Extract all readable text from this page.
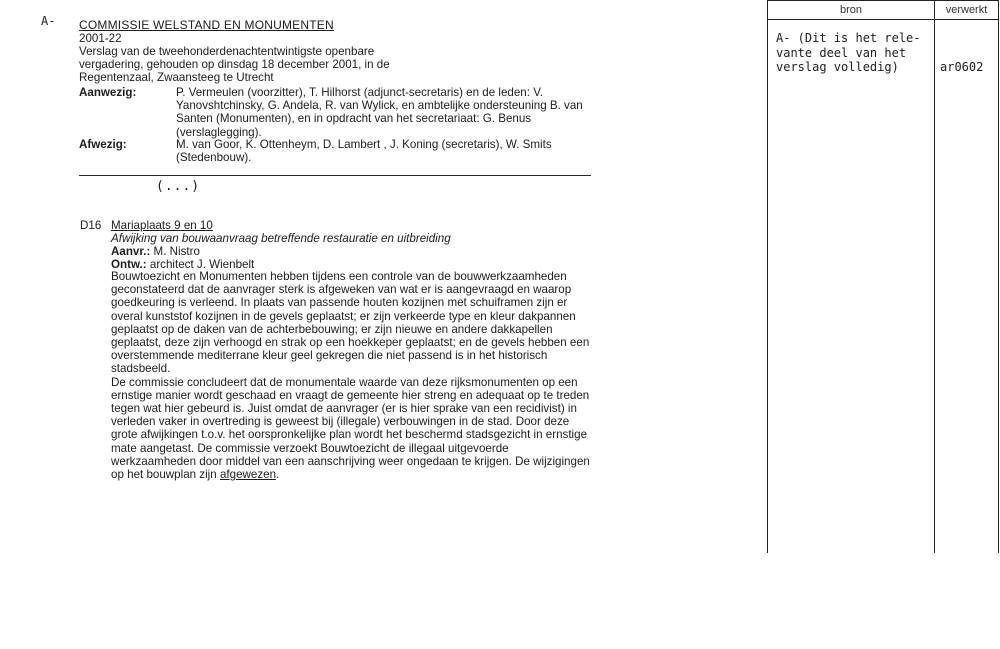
A- COMMISSIE WELSTAND EN MONUMENTEN
2001-22
Verslag van de tweehonderdenachtentwintigste openbare vergadering, gehouden op dinsdag 18 december 2001, in de Regentenzaal, Zwaansteeg te Utrecht
Aanwezig:	P. Vermeulen (voorzitter), T. Hilhorst (adjunct-secretaris) en de leden: V. Yanovshtchinsky, G. Andela, R. van Wylick, en ambtelijke ondersteuning B. van Santen (Monumenten), en in opdracht van het secretariaat: G. Benus (verslaglegging).
Afwezig:	M. van Goor, K. Ottenheym, D. Lambert , J. Koning (secretaris), W. Smits (Stedenbouw).
(...)
D16 Mariaplaats 9 en 10
Afwijking van bouwaanvraag betreffende restauratie en uitbreiding
Aanvr.: M. Nistro
Ontw.: architect J. Wienbelt

Bouwtoezicht en Monumenten hebben tijdens een controle van de bouwwerkzaamheden geconstateerd dat de aanvrager sterk is afgeweken van wat er is aangevraagd en waarop goedkeuring is verleend. In plaats van passende houten kozijnen met schuiframen zijn er overal kunststof kozijnen in de gevels geplaatst; er zijn verkeerde type en kleur dakpannen geplaatst op de daken van de achterbebouwing; er zijn nieuwe en andere dakkapellen geplaatst, deze zijn verhoogd en strak op een hoekkeper geplaatst; en de gevels hebben een overstemmende mediterrane kleur geel gekregen die niet passend is in het historisch stadsbeeld.

De commissie concludeert dat de monumentale waarde van deze rijksmonumenten op een ernstige manier wordt geschaad en vraagt de gemeente hier streng en adequaat op te treden tegen wat hier gebeurd is. Juist omdat de aanvrager (er is hier sprake van een recidivist) in verleden vaker in overtreding is geweest bij (illegale) verbouwingen in de stad. Door deze grote afwijkingen t.o.v. het oorspronkelijke plan wordt het beschermd stadsgezicht in ernstige mate aangetast. De commissie verzoekt Bouwtoezicht de illegaal uitgevoerde werkzaamheden door middel van een aanschrijving weer ongedaan te krijgen. De wijzigingen op het bouwplan zijn afgewezen.

bron	verwerkt
A- (Dit is het rele-
vante deel van het
verslag volledig)	ar0602
